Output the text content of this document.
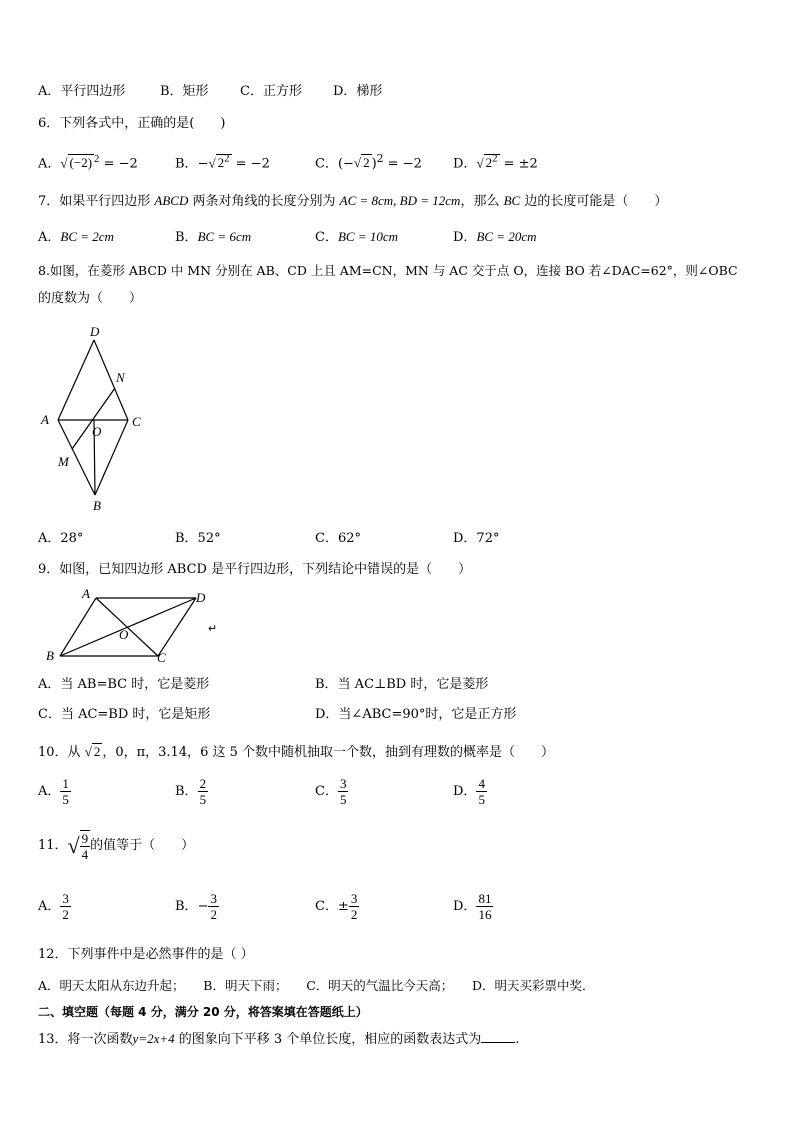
A．平行四边形	B．矩形 C．正方形 D．梯形
6．下列各式中，正确的是(　　)
A．√ (−2) $^2$ = −2	B．−√ $2^2 = -2$	C．(−√ 2 )$^2$ = −2 D．√ $2^2 = \pm 2$
7．如果平行四边形 ABCD 两条对角线的长度分别为 AC = 8cm, BD = 12cm，那么 BC 边的长度可能是（　　）
A．BC = 2cm	B．BC = 6cm	C．BC = 10cm	D．BC = 20cm
8.如图，在菱形 ABCD 中 MN 分别在 AB、CD 上且 AM=CN，MN 与 AC 交于点 O，连接 BO 若∠DAC=62°，则∠OBC
的度数为（　　）
D
N
A
O
C
M
B
A．28°	B．52°	C．62°	D．72°
9．如图，已知四边形 ABCD 是平行四边形，下列结论中错误的是（　　）
A	D
O
B	C
↵
A．当 AB=BC 时，它是菱形	B．当 AC⊥BD 时，它是菱形
C．当 AC=BD 时，它是矩形	D．当∠ABC=90°时，它是正方形
10．从 √ 2 ，0，π，3.14，6 这 5 个数中随机抽取一个数，抽到有理数的概率是（　　）
A． $\frac{1}{5}$	B． $\frac{2}{5}$	C． $\frac{3}{5}$	D． $\frac{4}{5}$
11．√ $\frac{9}{4}$ 的值等于（　　）
A． $\frac{3}{2}$	B．− $\frac{3}{2}$	C．± $\frac{3}{2}$	D． $\frac{81}{16}$
12．下列事件中是必然事件的是（ ）
A．明天太阳从东边升起；　　B．明天下雨；　　C．明天的气温比今天高；　　D．明天买彩票中奖．
二、填空题（每题 4 分，满分 20 分，将答案填在答题纸上）
13．将一次函数y=2x+4 的图象向下平移 3 个单位长度，相应的函数表达式为	.
